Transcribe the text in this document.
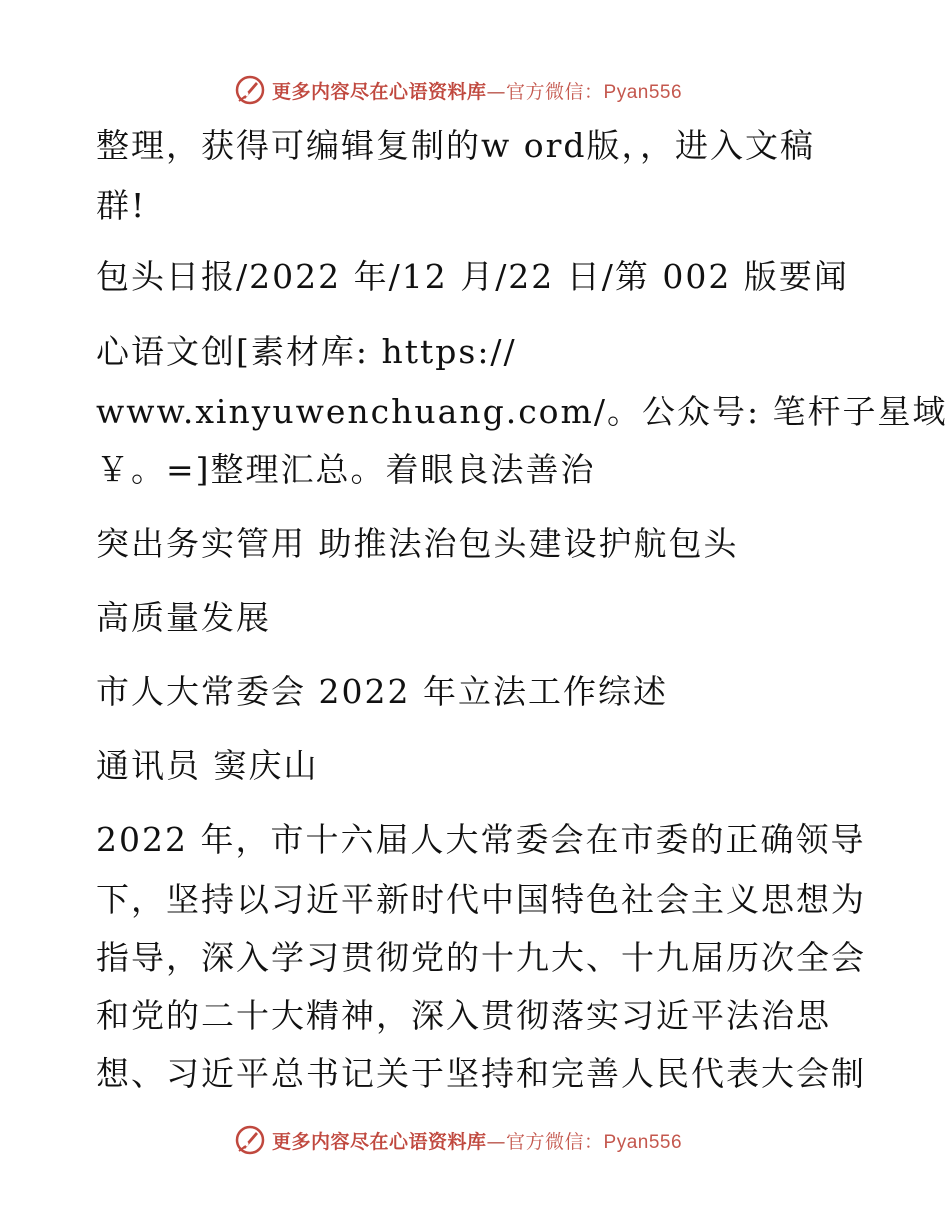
更多内容尽在心语资料库—官方微信：Pyan556
整理，获得可编辑复制的w ord版，，进入文稿
群!
包头日报/2022 年/12 月/22 日/第 002 版要闻
心语文创[素材库: https://
www.xinyuwenchuang.com/。公众号: 笔杆子星域
￥。=]整理汇总。着眼良法善治
突出务实管用 助推法治包头建设护航包头
高质量发展
市人大常委会 2022 年立法工作综述
通讯员 窦庆山
2022 年，市十六届人大常委会在市委的正确领导
下，坚持以习近平新时代中国特色社会主义思想为
指导，深入学习贯彻党的十九大、十九届历次全会
和党的二十大精神，深入贯彻落实习近平法治思
想、习近平总书记关于坚持和完善人民代表大会制
更多内容尽在心语资料库—官方微信：Pyan556
